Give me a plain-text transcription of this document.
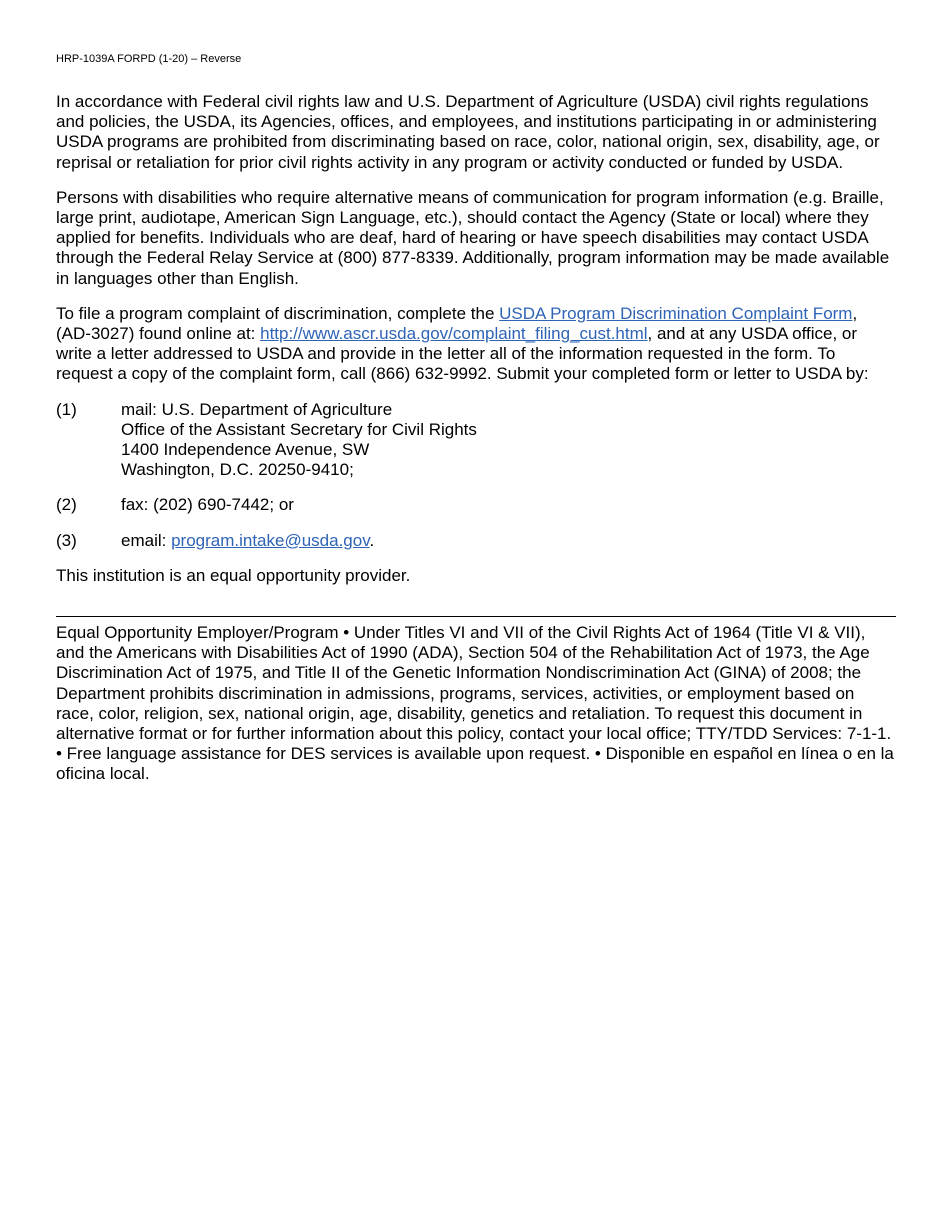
HRP-1039A FORPD (1-20) – Reverse

In accordance with Federal civil rights law and U.S. Department of Agriculture (USDA) civil rights regulations and policies, the USDA, its Agencies, offices, and employees, and institutions participating in or administering USDA programs are prohibited from discriminating based on race, color, national origin, sex, disability, age, or reprisal or retaliation for prior civil rights activity in any program or activity conducted or funded by USDA.

Persons with disabilities who require alternative means of communication for program information (e.g. Braille, large print, audiotape, American Sign Language, etc.), should contact the Agency (State or local) where they applied for benefits. Individuals who are deaf, hard of hearing or have speech disabilities may contact USDA through the Federal Relay Service at (800) 877-8339. Additionally, program information may be made available in languages other than English.

To file a program complaint of discrimination, complete the USDA Program Discrimination Complaint Form, (AD-3027) found online at: http://www.ascr.usda.gov/complaint_filing_cust.html, and at any USDA office, or write a letter addressed to USDA and provide in the letter all of the information requested in the form. To request a copy of the complaint form, call (866) 632-9992. Submit your completed form or letter to USDA by:

(1)	mail: U.S. Department of Agriculture
Office of the Assistant Secretary for Civil Rights
1400 Independence Avenue, SW
Washington, D.C. 20250-9410;
(2)	fax: (202) 690-7442; or
(3)	email: program.intake@usda.gov.

This institution is an equal opportunity provider.

Equal Opportunity Employer/Program • Under Titles VI and VII of the Civil Rights Act of 1964 (Title VI & VII), and the Americans with Disabilities Act of 1990 (ADA), Section 504 of the Rehabilitation Act of 1973, the Age Discrimination Act of 1975, and Title II of the Genetic Information Nondiscrimination Act (GINA) of 2008; the Department prohibits discrimination in admissions, programs, services, activities, or employment based on race, color, religion, sex, national origin, age, disability, genetics and retaliation. To request this document in alternative format or for further information about this policy, contact your local office; TTY/TDD Services: 7-1-1. • Free language assistance for DES services is available upon request. • Disponible en español en línea o en la oficina local.
